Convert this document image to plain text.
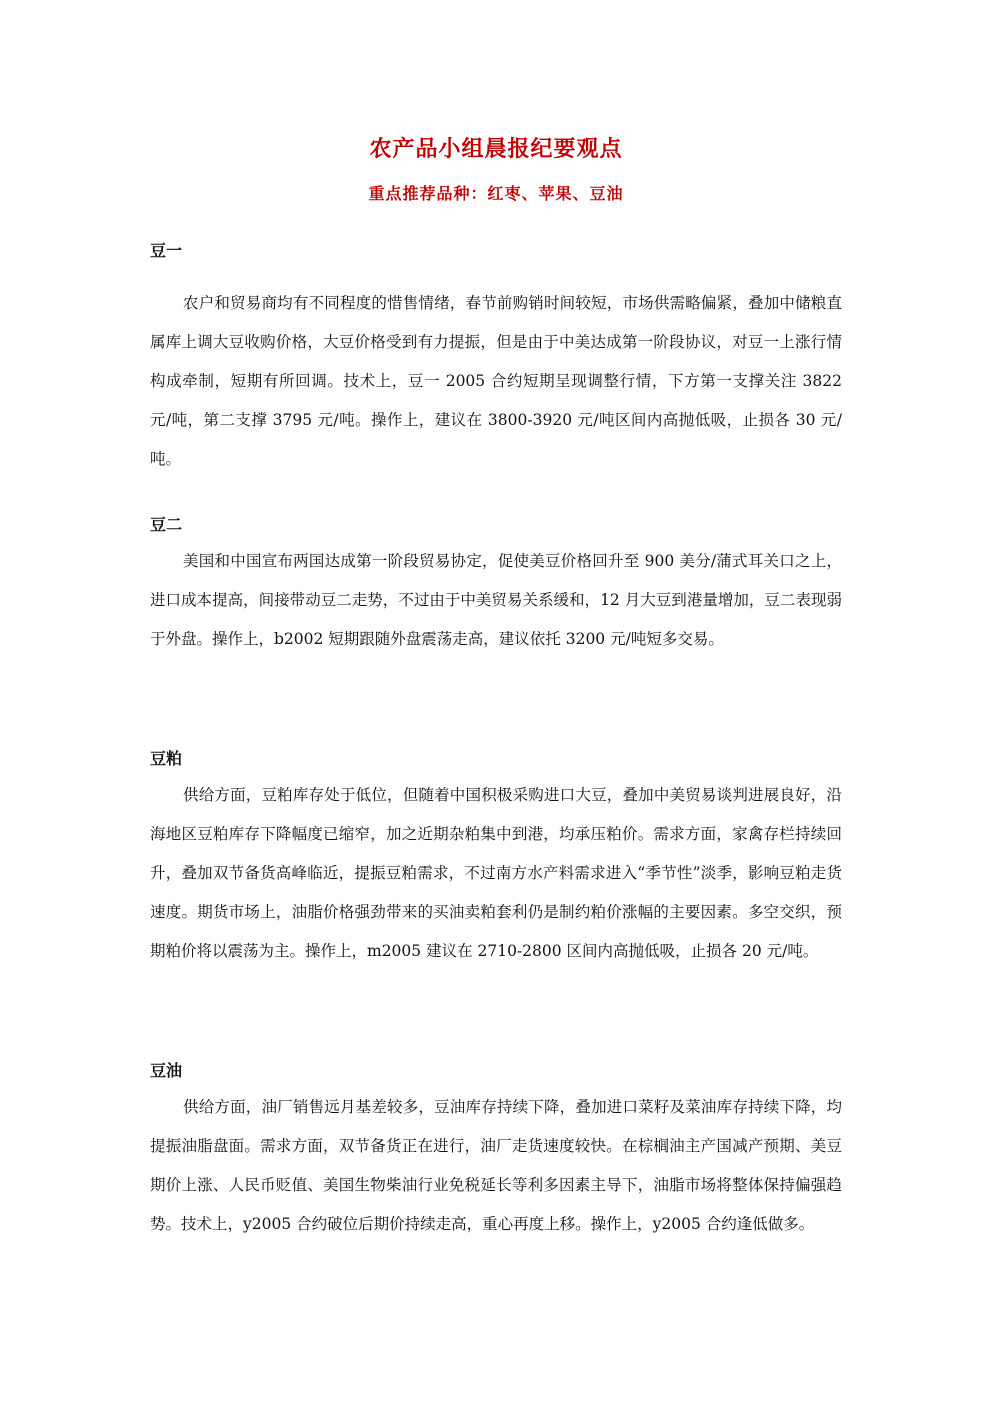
农产品小组晨报纪要观点
重点推荐品种：红枣、苹果、豆油
豆一

农户和贸易商均有不同程度的惜售情绪，春节前购销时间较短，市场供需略偏紧，叠加中储粮直属库上调大豆收购价格，大豆价格受到有力提振，但是由于中美达成第一阶段协议，对豆一上涨行情构成牵制，短期有所回调。技术上，豆一 2005 合约短期呈现调整行情，下方第一支撑关注 3822 元/吨，第二支撑 3795 元/吨。操作上，建议在 3800-3920 元/吨区间内高抛低吸，止损各 30 元/吨。

豆二

美国和中国宣布两国达成第一阶段贸易协定，促使美豆价格回升至 900 美分/蒲式耳关口之上，进口成本提高，间接带动豆二走势，不过由于中美贸易关系缓和，12 月大豆到港量增加，豆二表现弱于外盘。操作上，b2002 短期跟随外盘震荡走高，建议依托 3200 元/吨短多交易。

豆粕

供给方面，豆粕库存处于低位，但随着中国积极采购进口大豆，叠加中美贸易谈判进展良好，沿海地区豆粕库存下降幅度已缩窄，加之近期杂粕集中到港，均承压粕价。需求方面，家禽存栏持续回升，叠加双节备货高峰临近，提振豆粕需求，不过南方水产料需求进入“季节性”淡季，影响豆粕走货速度。期货市场上，油脂价格强劲带来的买油卖粕套利仍是制约粕价涨幅的主要因素。多空交织，预期粕价将以震荡为主。操作上，m2005 建议在 2710-2800 区间内高抛低吸，止损各 20 元/吨。

豆油

供给方面，油厂销售远月基差较多，豆油库存持续下降，叠加进口菜籽及菜油库存持续下降，均提振油脂盘面。需求方面，双节备货正在进行，油厂走货速度较快。在棕榈油主产国减产预期、美豆期价上涨、人民币贬值、美国生物柴油行业免税延长等利多因素主导下，油脂市场将整体保持偏强趋势。技术上，y2005 合约破位后期价持续走高，重心再度上移。操作上，y2005 合约逢低做多。
